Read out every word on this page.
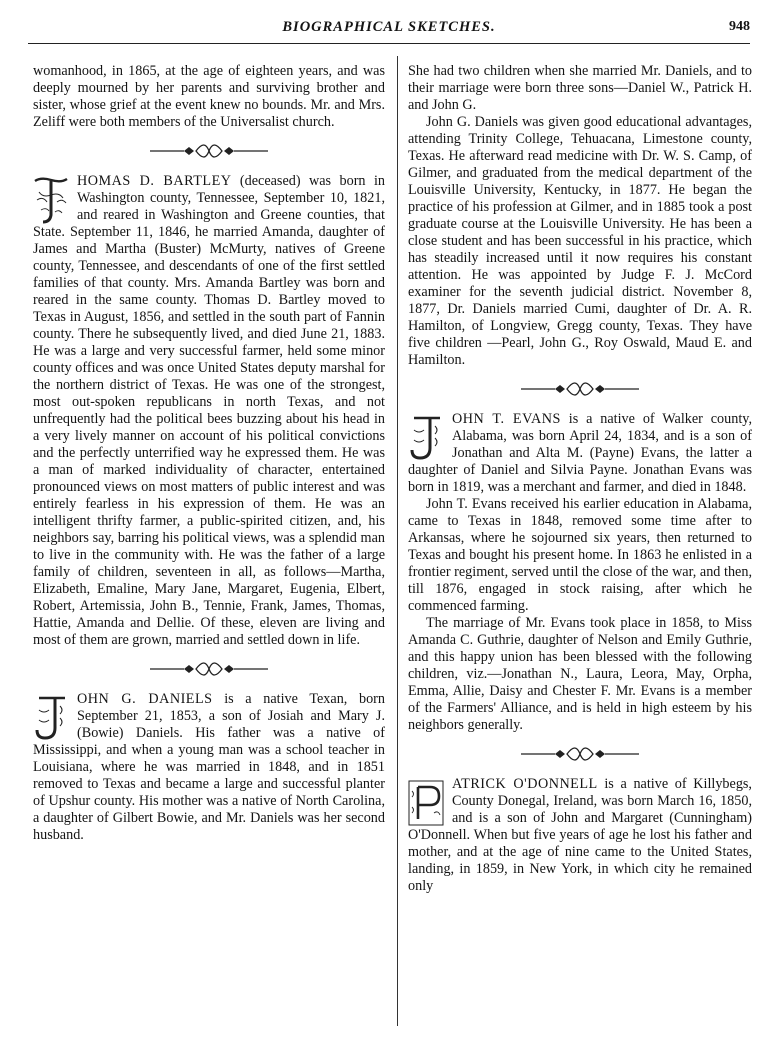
BIOGRAPHICAL SKETCHES.	948

womanhood, in 1865, at the age of eighteen years, and was deeply mourned by her parents and surviving brother and sister, whose grief at the event knew no bounds. Mr. and Mrs. Zeliff were both members of the Universalist church.

HOMAS D. BARTLEY (deceased) was born in Washington county, Tennessee, September 10, 1821, and reared in Washington and Greene counties, that State. September 11, 1846, he married Amanda, daughter of James and Martha (Buster) McMurty, natives of Greene county, Tennessee, and descendants of one of the first settled families of that county. Mrs. Amanda Bartley was born and reared in the same county. Thomas D. Bartley moved to Texas in August, 1856, and settled in the south part of Fannin county. There he subsequently lived, and died June 21, 1883. He was a large and very successful farmer, held some minor county offices and was once United States deputy marshal for the northern district of Texas. He was one of the strongest, most out-spoken republicans in north Texas, and not unfrequently had the political bees buzzing about his head in a very lively manner on account of his political convictions and the perfectly unterrified way he expressed them. He was a man of marked individuality of character, entertained pronounced views on most matters of public interest and was entirely fearless in his expression of them. He was an intelligent thrifty farmer, a public-spirited citizen, and, his neighbors say, barring his political views, was a splendid man to live in the community with. He was the father of a large family of children, seventeen in all, as follows—Martha, Elizabeth, Emaline, Mary Jane, Margaret, Eugenia, Elbert, Robert, Artemissia, John B., Tennie, Frank, James, Thomas, Hattie, Amanda and Dellie. Of these, eleven are living and most of them are grown, married and settled down in life.

OHN G. DANIELS is a native Texan, born September 21, 1853, a son of Josiah and Mary J. (Bowie) Daniels. His father was a native of Mississippi, and when a young man was a school teacher in Louisiana, where he was married in 1848, and in 1851 removed to Texas and became a large and successful planter of Upshur county. His mother was a native of North Carolina, a daughter of Gilbert Bowie, and Mr. Daniels was her second husband.

She had two children when she married Mr. Daniels, and to their marriage were born three sons—Daniel W., Patrick H. and John G.

John G. Daniels was given good educational advantages, attending Trinity College, Tehuacana, Limestone county, Texas. He afterward read medicine with Dr. W. S. Camp, of Gilmer, and graduated from the medical department of the Louisville University, Kentucky, in 1877. He began the practice of his profession at Gilmer, and in 1885 took a post graduate course at the Louisville University. He has been a close student and has been successful in his practice, which has steadily increased until it now requires his constant attention. He was appointed by Judge F. J. McCord examiner for the seventh judicial district. November 8, 1877, Dr. Daniels married Cumi, daughter of Dr. A. R. Hamilton, of Longview, Gregg county, Texas. They have five children —Pearl, John G., Roy Oswald, Maud E. and Hamilton.

OHN T. EVANS is a native of Walker county, Alabama, was born April 24, 1834, and is a son of Jonathan and Alta M. (Payne) Evans, the latter a daughter of Daniel and Silvia Payne. Jonathan Evans was born in 1819, was a merchant and farmer, and died in 1848.

John T. Evans received his earlier education in Alabama, came to Texas in 1848, removed some time after to Arkansas, where he sojourned six years, then returned to Texas and bought his present home. In 1863 he enlisted in a frontier regiment, served until the close of the war, and then, till 1876, engaged in stock raising, after which he commenced farming.

The marriage of Mr. Evans took place in 1858, to Miss Amanda C. Guthrie, daughter of Nelson and Emily Guthrie, and this happy union has been blessed with the following children, viz.—Jonathan N., Laura, Leora, May, Orpha, Emma, Allie, Daisy and Chester F. Mr. Evans is a member of the Farmers' Alliance, and is held in high esteem by his neighbors generally.

ATRICK O'DONNELL is a native of Killybegs, County Donegal, Ireland, was born March 16, 1850, and is a son of John and Margaret (Cunningham) O'Donnell. When but five years of age he lost his father and mother, and at the age of nine came to the United States, landing, in 1859, in New York, in which city he remained only
